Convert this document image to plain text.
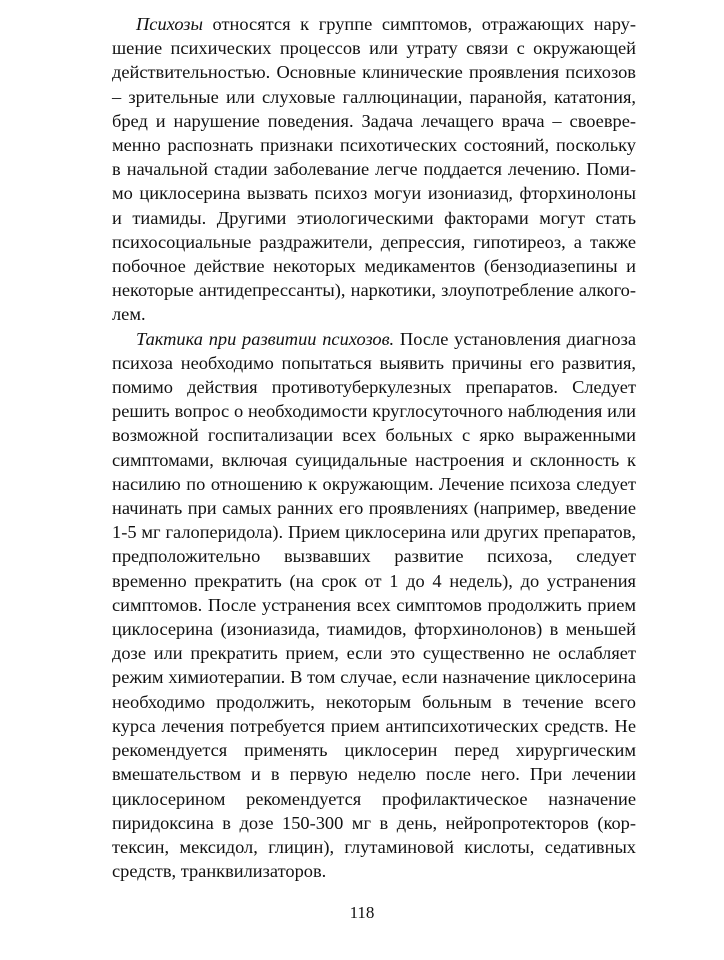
Психозы относятся к группе симптомов, отражающих нарушение психических процессов или утрату связи с окружающей действительностью. Основные клинические проявления психозов – зрительные или слуховые галлюцинации, паранойя, кататония, бред и нарушение поведения. Задача лечащего врача – своевременно распознать признаки психотических состояний, поскольку в начальной стадии заболевание легче поддается лечению. Помимо циклосерина вызвать психоз могуи изониазид, фторхинолоны и тиамиды. Другими этиологическими факторами могут стать психосоциальные раздражители, депрессия, гипотиреоз, а также побочное действие некоторых медикаментов (бензодиазепины и некоторые антидепрессанты), наркотики, злоупотребление алкоголем.

Тактика при развитии психозов. После установления диагноза психоза необходимо попытаться выявить причины его развития, помимо действия противотуберкулезных препаратов. Следует решить вопрос о необходимости круглосуточного наблюдения или возможной госпитализации всех больных с ярко выраженными симптомами, включая суицидальные настроения и склонность к насилию по отношению к окружающим. Лечение психоза следует начинать при самых ранних его проявлениях (например, введение 1-5 мг галоперидола). Прием циклосерина или других препаратов, предположительно вызвавших развитие психоза, следует временно прекратить (на срок от 1 до 4 недель), до устранения симптомов. После устранения всех симптомов продолжить прием циклосерина (изониазида, тиамидов, фторхинолонов) в меньшей дозе или прекратить прием, если это существенно не ослабляет режим химиотерапии. В том случае, если назначение циклосерина необходимо продолжить, некоторым больным в течение всего курса лечения потребуется прием антипсихотических средств. Не рекомендуется применять циклосерин перед хирургическим вмешательством и в первую неделю после него. При лечении циклосерином рекомендуется профилактическое назначение пиридоксина в дозе 150-300 мг в день, нейропротекторов (кортексин, мексидол, глицин), глутаминовой кислоты, седативных средств, транквилизаторов.

118
